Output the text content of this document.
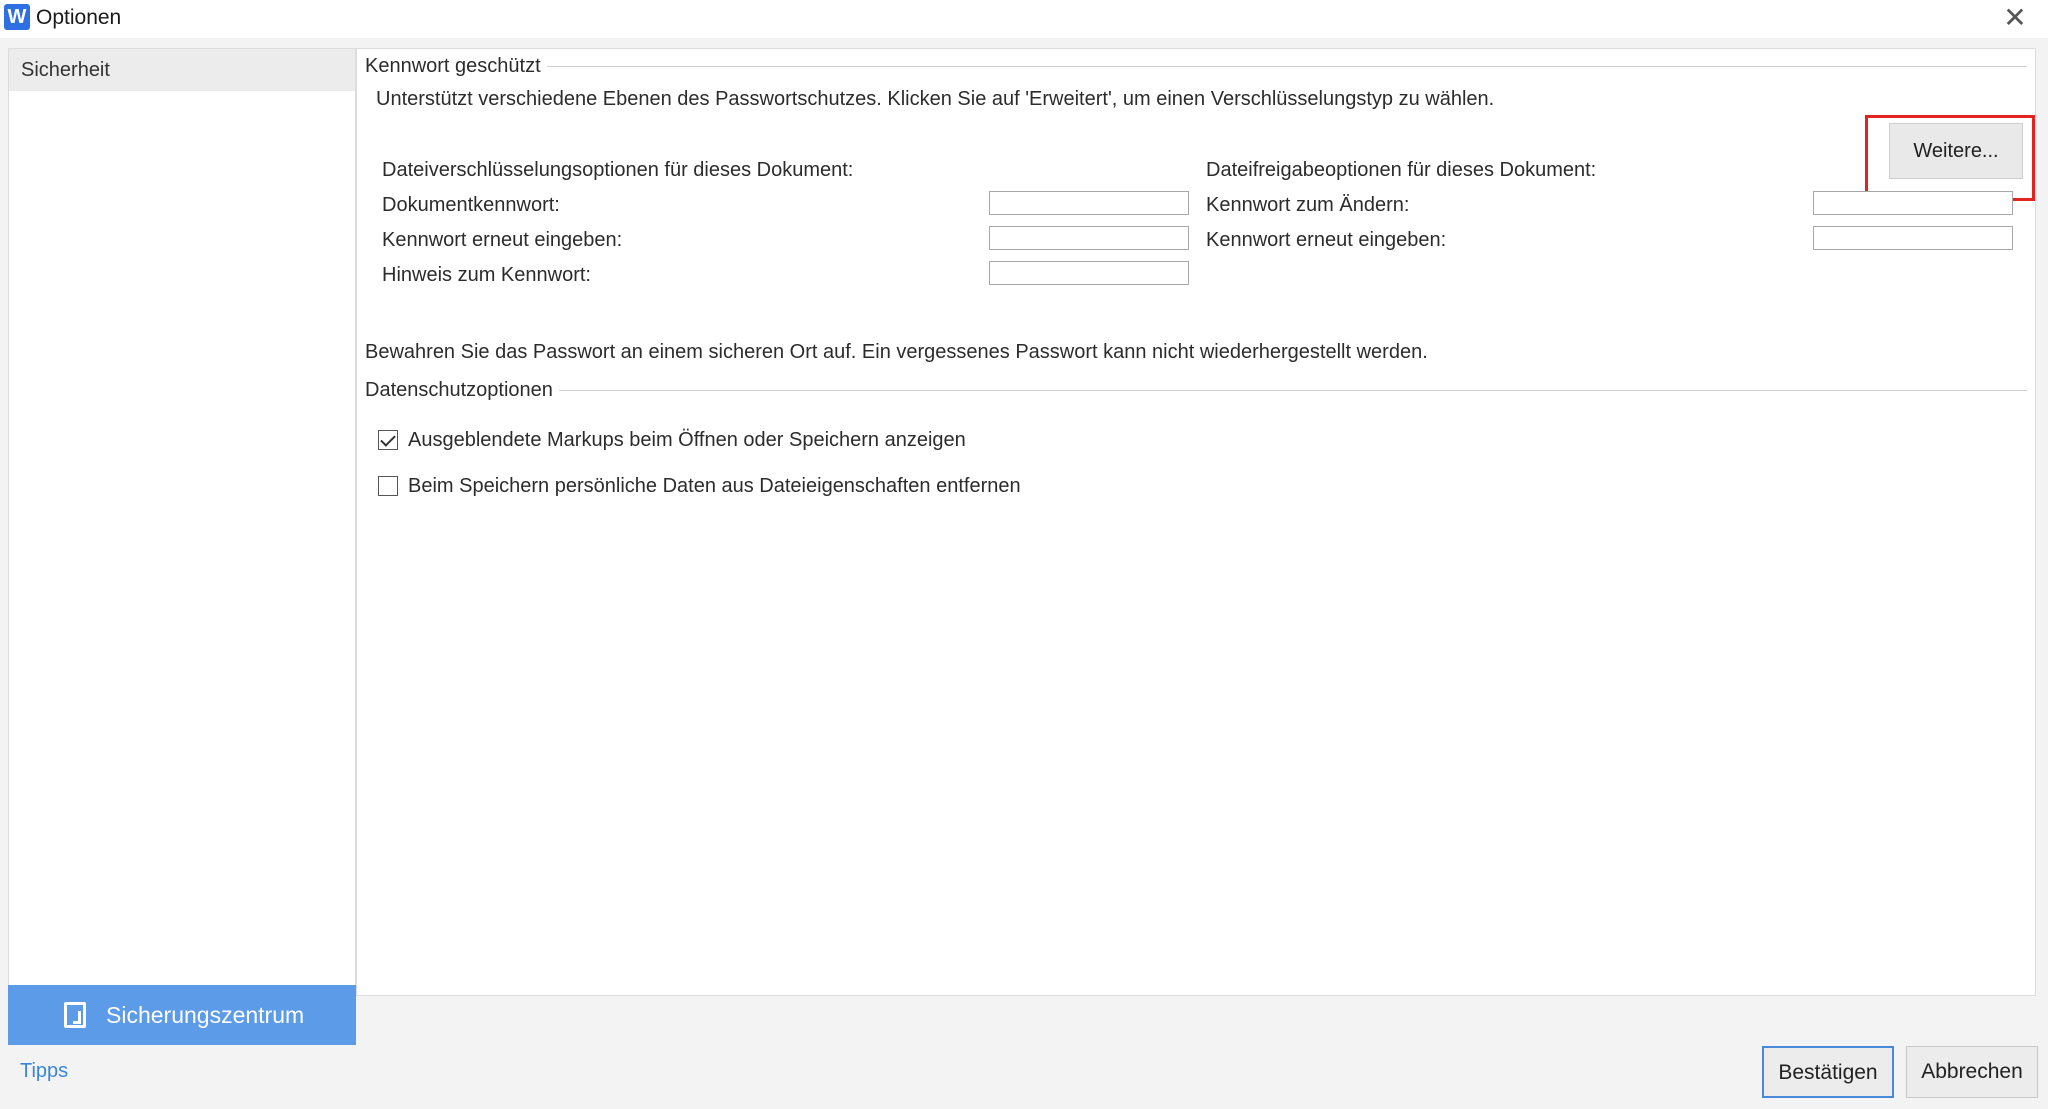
W Optionen	✕
Sicherheit
Sicherungszentrum
Tipps
Kennwort geschützt
Unterstützt verschiedene Ebenen des Passwortschutzes. Klicken Sie auf 'Erweitert', um einen Verschlüsselungstyp zu wählen.
Weitere...
Dateiverschlüsselungsoptionen für dieses Dokument:
Dokumentkennwort:
Kennwort erneut eingeben:
Hinweis zum Kennwort:
Dateifreigabeoptionen für dieses Dokument:
Kennwort zum Ändern:
Kennwort erneut eingeben:
Bewahren Sie das Passwort an einem sicheren Ort auf. Ein vergessenes Passwort kann nicht wiederhergestellt werden.
Datenschutzoptionen
Ausgeblendete Markups beim Öffnen oder Speichern anzeigen
Beim Speichern persönliche Daten aus Dateieigenschaften entfernen
Bestätigen	Abbrechen
